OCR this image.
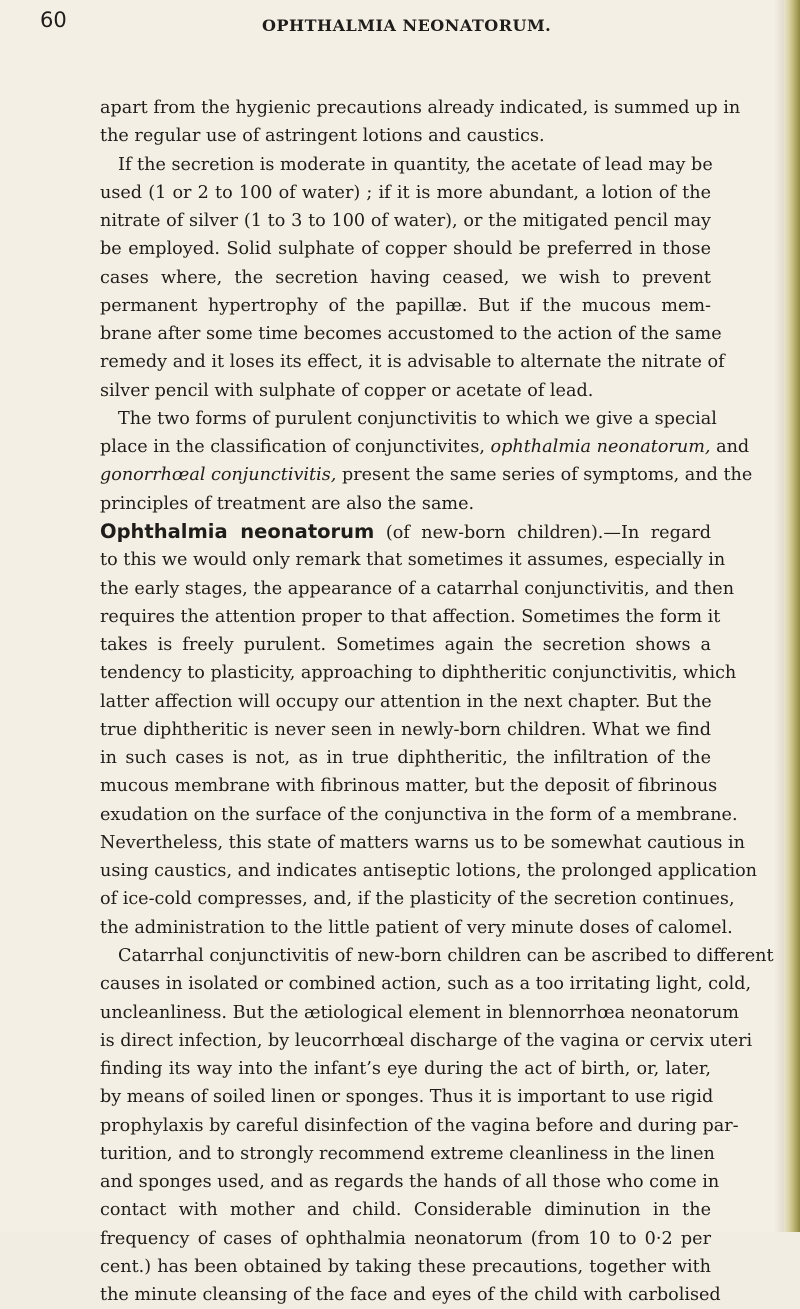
60	OPHTHALMIA NEONATORUM.
apart from the hygienic precautions already indicated, is summed up in
the regular use of astringent lotions and caustics.
If the secretion is moderate in quantity, the acetate of lead may be
used (1 or 2 to 100 of water) ; if it is more abundant, a lotion of the
nitrate of silver (1 to 3 to 100 of water), or the mitigated pencil may
be employed. Solid sulphate of copper should be preferred in those
cases where, the secretion having ceased, we wish to prevent
permanent hypertrophy of the papillæ. But if the mucous mem-
brane after some time becomes accustomed to the action of the same
remedy and it loses its effect, it is advisable to alternate the nitrate of
silver pencil with sulphate of copper or acetate of lead.
The two forms of purulent conjunctivitis to which we give a special
place in the classification of conjunctivites, ophthalmia neonatorum, and
gonorrhœal conjunctivitis, present the same series of symptoms, and the
principles of treatment are also the same.
Ophthalmia neonatorum (of new-born children).—In regard
to this we would only remark that sometimes it assumes, especially in
the early stages, the appearance of a catarrhal conjunctivitis, and then
requires the attention proper to that affection. Sometimes the form it
takes is freely purulent. Sometimes again the secretion shows a
tendency to plasticity, approaching to diphtheritic conjunctivitis, which
latter affection will occupy our attention in the next chapter. But the
true diphtheritic is never seen in newly-born children. What we find
in such cases is not, as in true diphtheritic, the infiltration of the
mucous membrane with fibrinous matter, but the deposit of fibrinous
exudation on the surface of the conjunctiva in the form of a membrane.
Nevertheless, this state of matters warns us to be somewhat cautious in
using caustics, and indicates antiseptic lotions, the prolonged application
of ice-cold compresses, and, if the plasticity of the secretion continues,
the administration to the little patient of very minute doses of calomel.
Catarrhal conjunctivitis of new-born children can be ascribed to different
causes in isolated or combined action, such as a too irritating light, cold,
uncleanliness. But the ætiological element in blennorrhœa neonatorum
is direct infection, by leucorrhœal discharge of the vagina or cervix uteri
finding its way into the infant’s eye during the act of birth, or, later,
by means of soiled linen or sponges. Thus it is important to use rigid
prophylaxis by careful disinfection of the vagina before and during par-
turition, and to strongly recommend extreme cleanliness in the linen
and sponges used, and as regards the hands of all those who come in
contact with mother and child. Considerable diminution in the
frequency of cases of ophthalmia neonatorum (from 10 to 0·2 per
cent.) has been obtained by taking these precautions, together with
the minute cleansing of the face and eyes of the child with carbolised
